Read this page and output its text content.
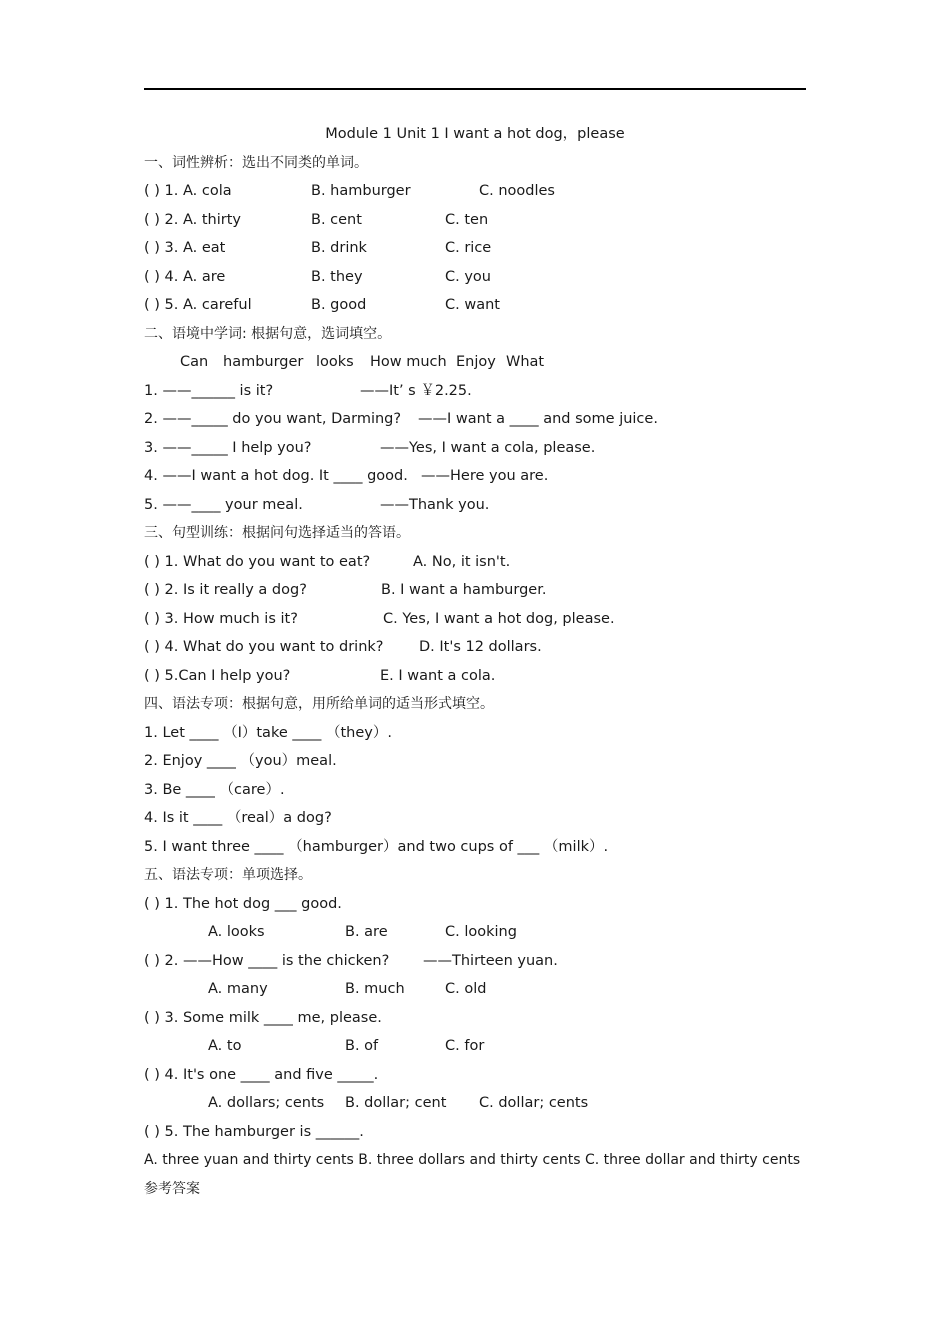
Module 1 Unit 1 I want a hot dog，please
一、词性辨析：选出不同类的单词。
( ) 1. A. cola	B. hamburger	C. noodles
( ) 2. A. thirty	B. cent	C. ten
( ) 3. A. eat	B. drink	C. rice
( ) 4. A. are	B. they	C. you
( ) 5. A. careful	B. good	C. want
二、语境中学词: 根据句意，选词填空。
Can hamburger looks How much Enjoy What
1. ——______ is it?	——It’ s ￥2.25.
2. ——_____ do you want, Darming? ——I want a ____ and some juice.
3. ——_____ I help you?	——Yes, I want a cola, please.
4. ——I want a hot dog. It ____ good. ——Here you are.
5. ——____ your meal.	——Thank you.
三、句型训练：根据问句选择适当的答语。
( ) 1. What do you want to eat?	A. No, it isn't.
( ) 2. Is it really a dog?	B. I want a hamburger.
( ) 3. How much is it?	C. Yes, I want a hot dog, please.
( ) 4. What do you want to drink? D. It's 12 dollars.
( ) 5.Can I help you?	E. I want a cola.
四、语法专项：根据句意，用所给单词的适当形式填空。
1. Let ____ （I）take ____ （they）.
2. Enjoy ____ （you）meal.
3. Be ____ （care）.
4. Is it ____ （real）a dog?
5. I want three ____ （hamburger）and two cups of ___ （milk）.
五、语法专项：单项选择。
( ) 1. The hot dog ___ good.
A. looks	B. are	C. looking
( ) 2. ——How ____ is the chicken? ——Thirteen yuan.
A. many	B. much	C. old
( ) 3. Some milk ____ me, please.
A. to	B. of	C. for
( ) 4. It's one ____ and five _____.
A. dollars; cents B. dollar; cent C. dollar; cents
( ) 5. The hamburger is ______.
A. three yuan and thirty cents B. three dollars and thirty cents C. three dollar and thirty cents
参考答案
